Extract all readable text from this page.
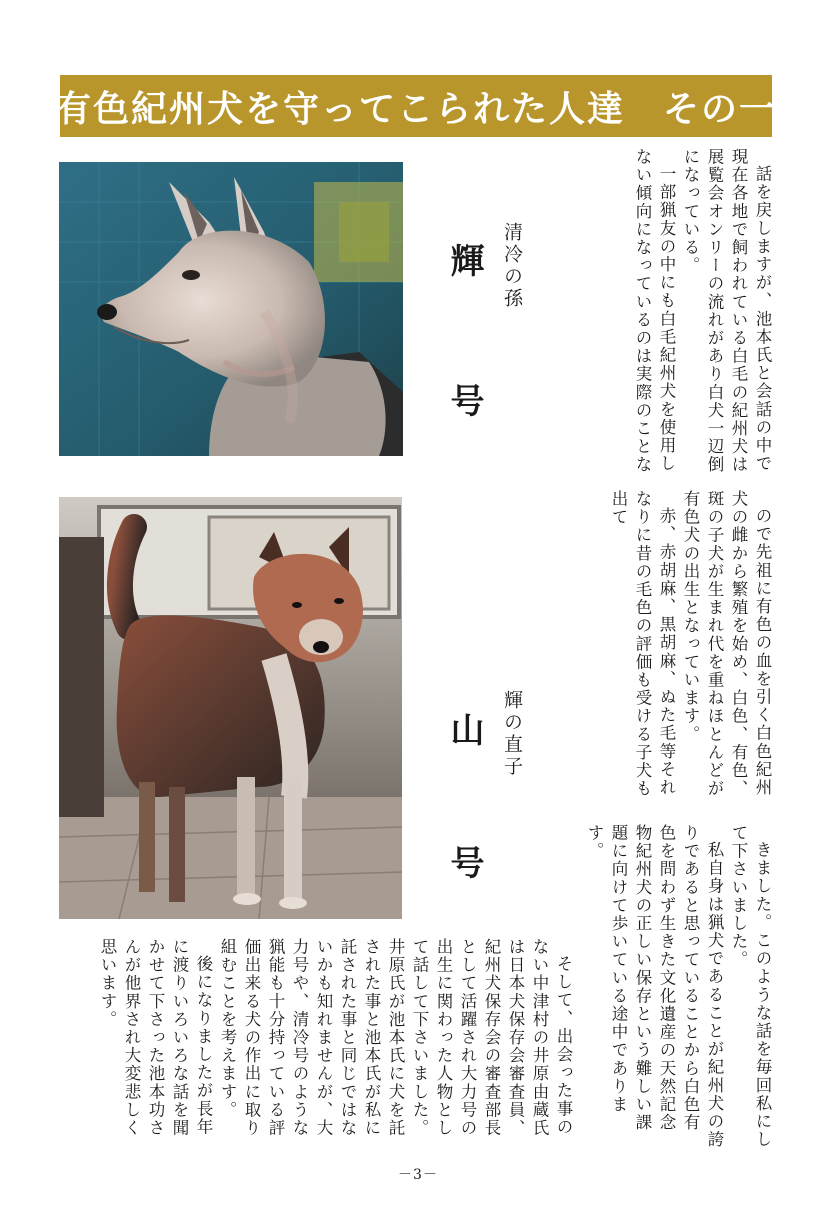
有色紀州犬を守ってこられた人達　その一
清冷の孫
輝
号
輝の直子
山
号

話を戻しますが、池本氏と会話の中で現在各地で飼われている白毛の紀州犬は展覧会オンリーの流れがあり白犬一辺倒になっている。

一部猟友の中にも白毛紀州犬を使用しない傾向になっているのは実際のことな

ので先祖に有色の血を引く白色紀州犬の雌から繁殖を始め、白色、有色、斑の子犬が生まれ代を重ねほとんどが有色犬の出生となっています。

赤、赤胡麻、黒胡麻、ぬた毛等それなりに昔の毛色の評価も受ける子犬も出て

きました。このような話を毎回私にして下さいました。

私自身は猟犬であることが紀州犬の誇りであると思っていることから白色有色を問わず生きた文化遺産の天然記念物紀州犬の正しい保存という難しい課題に向けて歩いている途中であります。

そして、出会った事のない中津村の井原由蔵氏は日本犬保存会審査員、紀州犬保存会の審査部長として活躍され大力号の出生に関わった人物として話して下さいました。井原氏が池本氏に犬を託された事と池本氏が私に託された事と同じではないかも知れませんが、大力号や、清冷号のような猟能も十分持っている評価出来る犬の作出に取り組むことを考えます。

後になりましたが長年に渡りいろいろな話を聞かせて下さった池本功さんが他界され大変悲しく思います。

－3－
